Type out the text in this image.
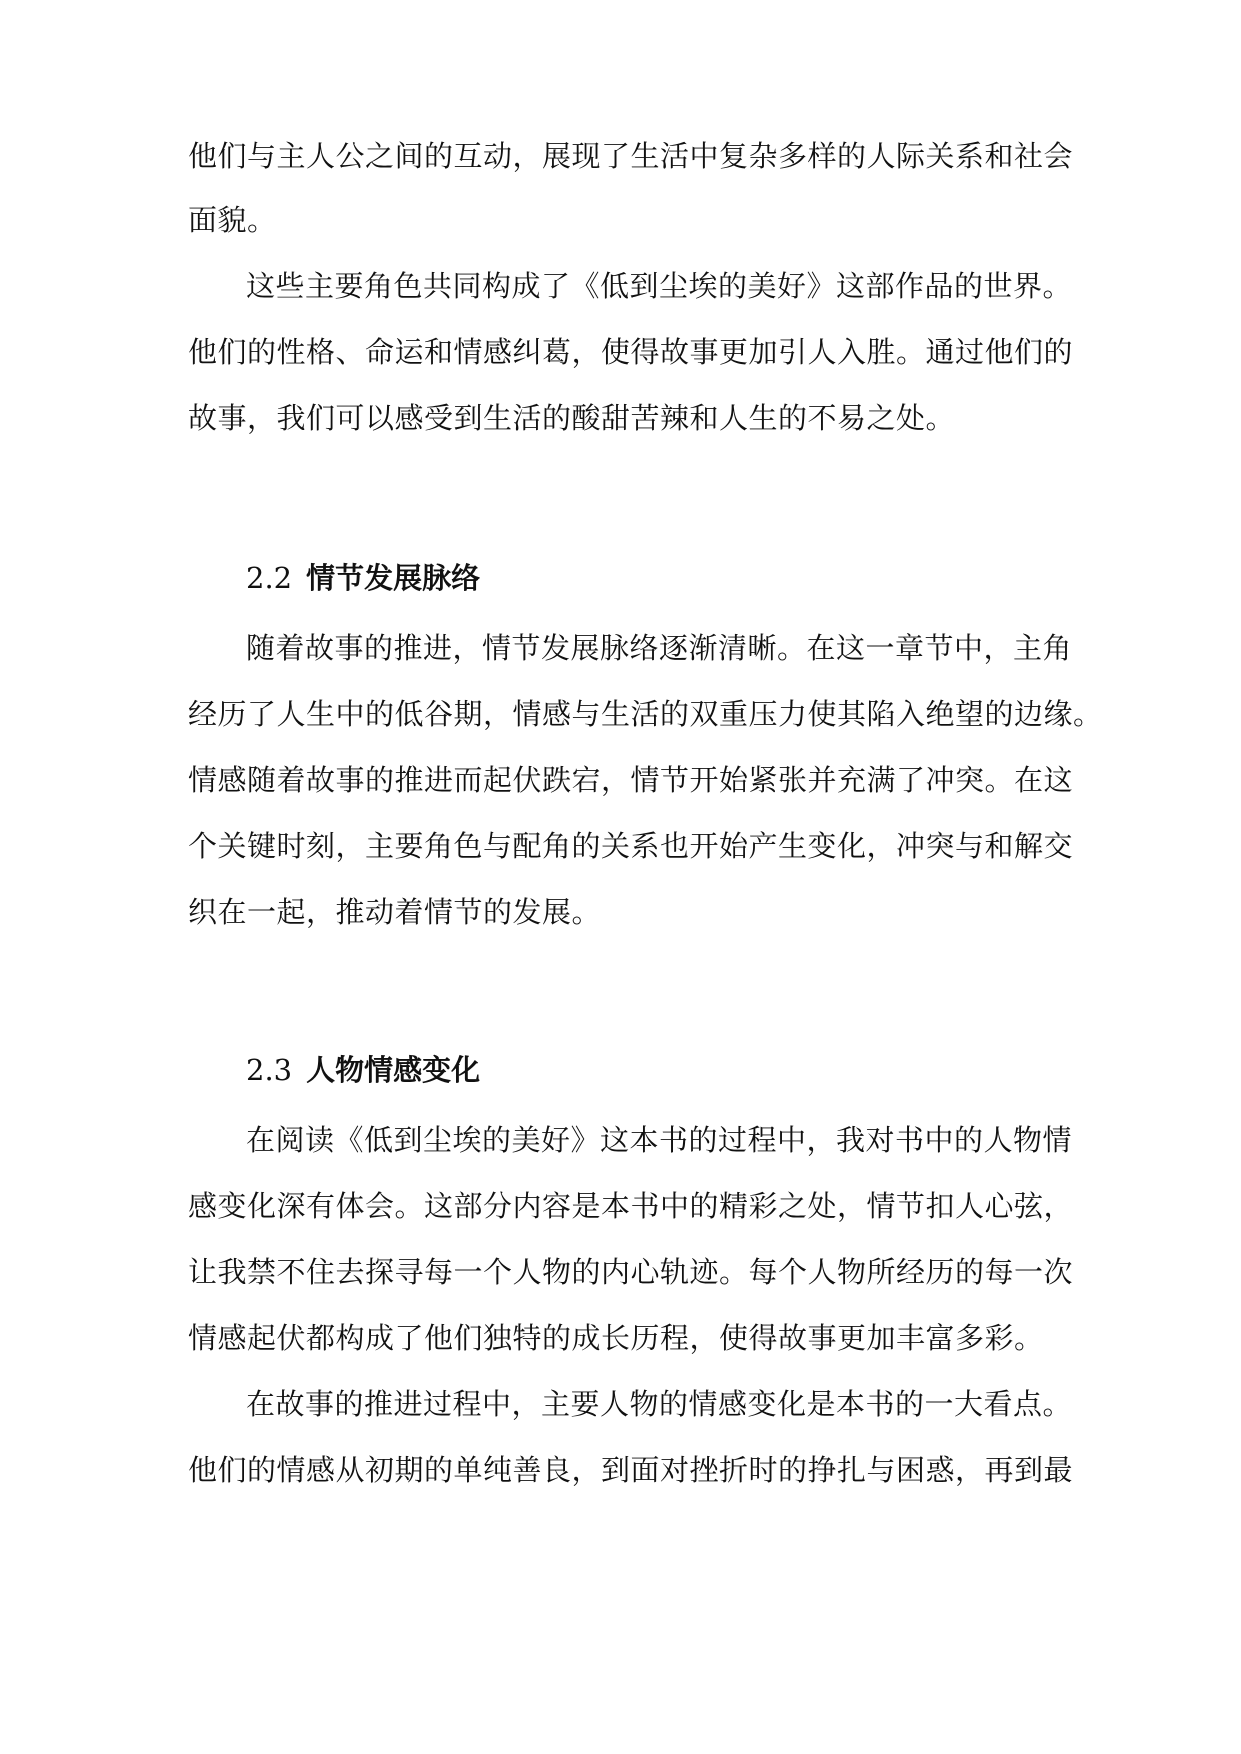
他们与主人公之间的互动，展现了生活中复杂多样的人际关系和社会
面貌。
这些主要角色共同构成了《低到尘埃的美好》这部作品的世界。
他们的性格、命运和情感纠葛，使得故事更加引人入胜。通过他们的
故事，我们可以感受到生活的酸甜苦辣和人生的不易之处。
2.2 情节发展脉络
随着故事的推进，情节发展脉络逐渐清晰。在这一章节中，主角
经历了人生中的低谷期，情感与生活的双重压力使其陷入绝望的边缘。
情感随着故事的推进而起伏跌宕，情节开始紧张并充满了冲突。在这
个关键时刻，主要角色与配角的关系也开始产生变化，冲突与和解交
织在一起，推动着情节的发展。
2.3 人物情感变化
在阅读《低到尘埃的美好》这本书的过程中，我对书中的人物情
感变化深有体会。这部分内容是本书中的精彩之处，情节扣人心弦，
让我禁不住去探寻每一个人物的内心轨迹。每个人物所经历的每一次
情感起伏都构成了他们独特的成长历程，使得故事更加丰富多彩。
在故事的推进过程中，主要人物的情感变化是本书的一大看点。
他们的情感从初期的单纯善良，到面对挫折时的挣扎与困惑，再到最
